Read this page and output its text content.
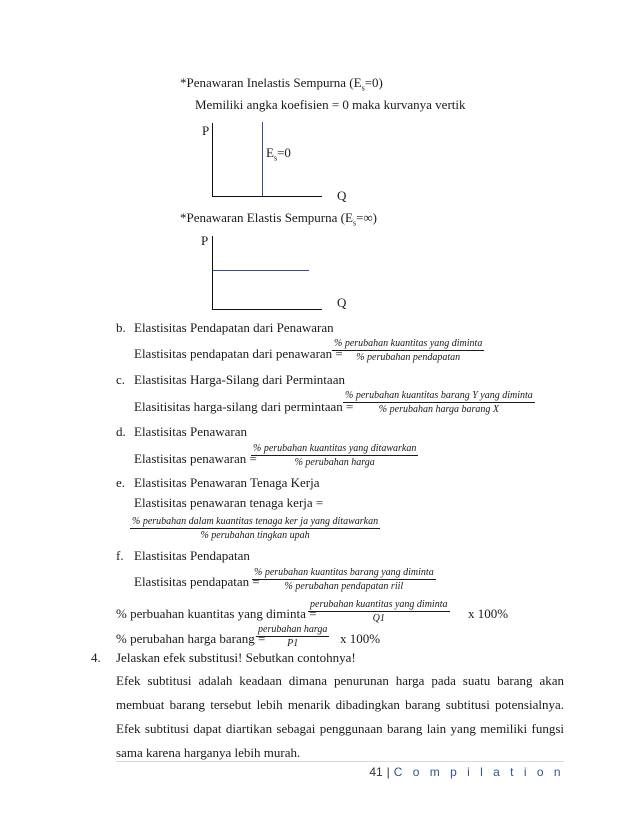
*Penawaran Inelastis Sempurna $(E_s=0)$
Memiliki angka koefisien = 0 maka kurvanya vertik
P
$E_s=0$
Q
*Penawaran Elastis Sempurna $(E_s=\infty)$
P
Q
b. Elastisitas Pendapatan dari Penawaran
Elastisitas pendapatan dari penawaran =
% perubahan kuantitas yang diminta
% perubahan pendapatan
c. Elastisitas Harga-Silang dari Permintaan
Elasitisitas harga-silang dari permintaan =
% perubahan kuantitas barang Y yang diminta
% perubahan harga barang X
d. Elastisitas Penawaran
Elastisitas penawaran =
% perubahan kuantitas yang ditawarkan
% perubahan harga
e. Elastisitas Penawaran Tenaga Kerja
Elastisitas penawaran tenaga kerja =
% perubahan dalam kuantitas tenaga ker ja yang ditawarkan
% perubahan tingkan upah
f. Elastisitas Pendapatan
Elastisitas pendapatan =
% perubahan kuantitas barang yang diminta
% perubahan pendapatan riil
% perbuahan kuantitas yang diminta =
perubahan kuantitas yang diminta
Q1	x 100%
% perubahan harga barang =
perubahan harga
P1	x 100%
4. Jelaskan efek substitusi! Sebutkan contohnya!
Efek subtitusi adalah keadaan dimana penurunan harga pada suatu barang akan membuat barang tersebut lebih menarik dibadingkan barang subtitusi potensialnya. Efek subtitusi dapat diartikan sebagai penggunaan barang lain yang memiliki fungsi sama karena harganya lebih murah.
41 | C o m p i l a t i o n
